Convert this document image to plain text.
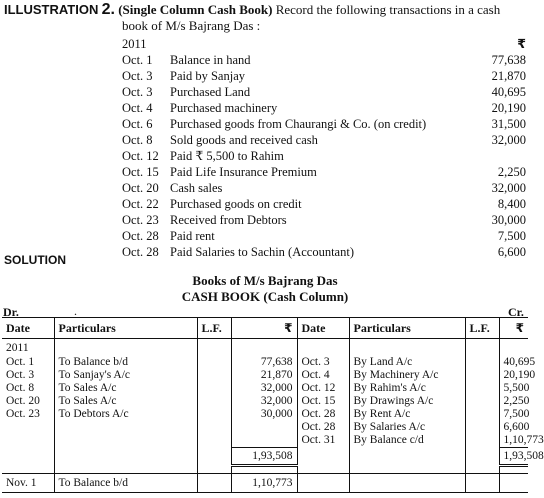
ILLUSTRATION 2. (Single Column Cash Book) Record the following transactions in a cash
book of M/s Bajrang Das :
2011		₹
Oct. 1	Balance in hand	77,638
Oct. 3	Paid by Sanjay	21,870
Oct. 3	Purchased Land	40,695
Oct. 4	Purchased machinery	20,190
Oct. 6	Purchased goods from Chaurangi & Co. (on credit)	31,500
Oct. 8	Sold goods and received cash	32,000
Oct. 12	Paid ₹ 5,500 to Rahim	
Oct. 15	Paid Life Insurance Premium	2,250
Oct. 20	Cash sales	32,000
Oct. 22	Purchased goods on credit	8,400
Oct. 23	Received from Debtors	30,000
Oct. 28	Paid rent	7,500
Oct. 28	Paid Salaries to Sachin (Accountant)	6,600
SOLUTION
Books of M/s Bajrang Das
CASH BOOK (Cash Column)
Dr.	.	Cr.
Date	Particulars	L.F.	₹	Date	Particulars	L.F.	₹
2011							
Oct. 1	To Balance b/d		77,638	Oct. 3	By Land A/c		40,695
Oct. 3	To Sanjay's A/c		21,870	Oct. 4	By Machinery A/c		20,190
Oct. 8	To Sales A/c		32,000	Oct. 12	By Rahim's A/c		5,500
Oct. 20	To Sales A/c		32,000	Oct. 15	By Drawings A/c		2,250
Oct. 23	To Debtors A/c		30,000	Oct. 28	By Rent A/c		7,500
				Oct. 28	By Salaries A/c		6,600
				Oct. 31	By Balance c/d		1,10,773
			1,93,508				1,93,508

Nov. 1	To Balance b/d		1,10,773				
